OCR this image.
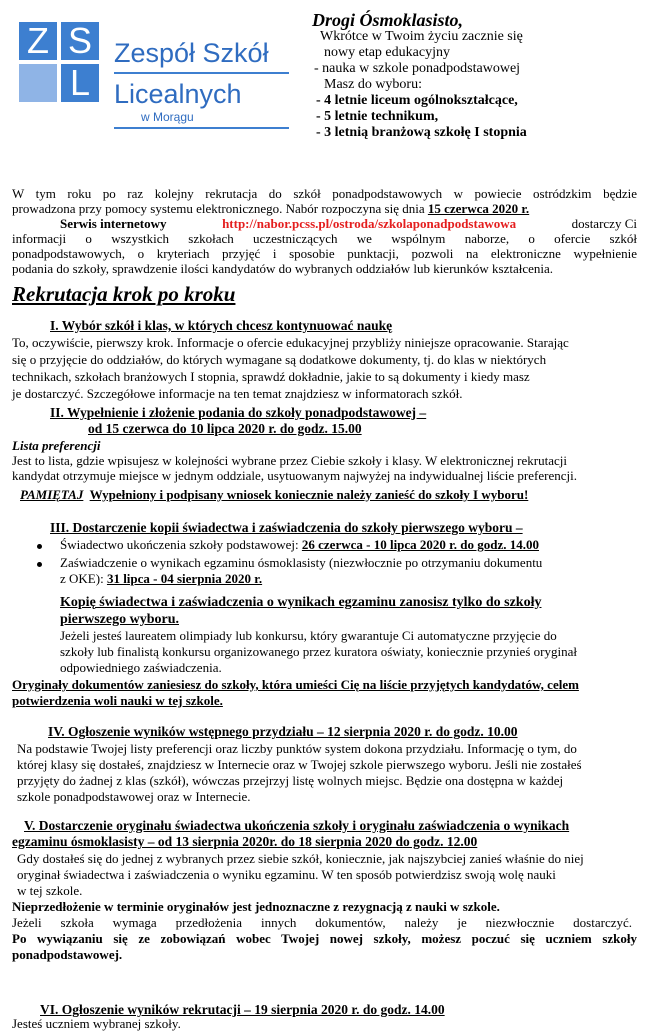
Z S
L
Zespół Szkół
Licealnych
w Morągu
Drogi Ósmoklasisto,
Wkrótce w Twoim życiu zacznie się
nowy etap edukacyjny
- nauka w szkole ponadpodstawowej
Masz do wyboru:
- 4 letnie liceum ogólnokształcące,
- 5 letnie technikum,
- 3 letnią branżową szkołę I stopnia
W tym roku po raz kolejny rekrutacja do szkół ponadpodstawowych w powiecie ostródzkim będzie
prowadzona przy pomocy systemu elektronicznego. Nabór rozpoczyna się dnia 15 czerwca 2020 r.
Serwis internetowy	http://nabor.pcss.pl/ostroda/szkolaponadpodstawowa	dostarczy Ci
informacji o wszystkich szkołach uczestniczących we wspólnym naborze, o ofercie szkół
ponadpodstawowych, o kryteriach przyjęć i sposobie punktacji, pozwoli na elektroniczne wypełnienie
podania do szkoły, sprawdzenie ilości kandydatów do wybranych oddziałów lub kierunków kształcenia.
Rekrutacja krok po kroku
I. Wybór szkół i klas, w których chcesz kontynuować naukę
To, oczywiście, pierwszy krok. Informacje o ofercie edukacyjnej przybliży niniejsze opracowanie. Starając
się o przyjęcie do oddziałów, do których wymagane są dodatkowe dokumenty, tj. do klas w niektórych
technikach, szkołach branżowych I stopnia, sprawdź dokładnie, jakie to są dokumenty i kiedy masz
je dostarczyć. Szczegółowe informacje na ten temat znajdziesz w informatorach szkół.
II. Wypełnienie i złożenie podania do szkoły ponadpodstawowej –
od 15 czerwca do 10 lipca 2020 r. do godz. 15.00
Lista preferencji
Jest to lista, gdzie wpisujesz w kolejności wybrane przez Ciebie szkoły i klasy. W elektronicznej rekrutacji
kandydat otrzymuje miejsce w jednym oddziale, usytuowanym najwyżej na indywidualnej liście preferencji.
PAMIĘTAJ Wypełniony i podpisany wniosek koniecznie należy zanieść do szkoły I wyboru!
III. Dostarczenie kopii świadectwa i zaświadczenia do szkoły pierwszego wyboru –
Świadectwo ukończenia szkoły podstawowej: 26 czerwca - 10 lipca 2020 r. do godz. 14.00
Zaświadczenie o wynikach egzaminu ósmoklasisty (niezwłocznie po otrzymaniu dokumentu
z OKE): 31 lipca - 04 sierpnia 2020 r.
Kopię świadectwa i zaświadczenia o wynikach egzaminu zanosisz tylko do szkoły
pierwszego wyboru.
Jeżeli jesteś laureatem olimpiady lub konkursu, który gwarantuje Ci automatyczne przyjęcie do
szkoły lub finalistą konkursu organizowanego przez kuratora oświaty, koniecznie przynieś oryginał
odpowiedniego zaświadczenia.
Oryginały dokumentów zaniesiesz do szkoły, która umieści Cię na liście przyjętych kandydatów, celem
potwierdzenia woli nauki w tej szkole.
IV. Ogłoszenie wyników wstępnego przydziału – 12 sierpnia 2020 r. do godz. 10.00
Na podstawie Twojej listy preferencji oraz liczby punktów system dokona przydziału. Informację o tym, do
której klasy się dostałeś, znajdziesz w Internecie oraz w Twojej szkole pierwszego wyboru. Jeśli nie zostałeś
przyjęty do żadnej z klas (szkół), wówczas przejrzyj listę wolnych miejsc. Będzie ona dostępna w każdej
szkole ponadpodstawowej oraz w Internecie.
V. Dostarczenie oryginału świadectwa ukończenia szkoły i oryginału zaświadczenia o wynikach
egzaminu ósmoklasisty – od 13 sierpnia 2020r. do 18 sierpnia 2020 do godz. 12.00
Gdy dostałeś się do jednej z wybranych przez siebie szkół, koniecznie, jak najszybciej zanieś właśnie do niej
oryginał świadectwa i zaświadczenia o wyniku egzaminu. W ten sposób potwierdzisz swoją wolę nauki
w tej szkole.
Nieprzedłożenie w terminie oryginałów jest jednoznaczne z rezygnacją z nauki w szkole.
Jeżeli szkoła wymaga przedłożenia innych dokumentów, należy je niezwłocznie dostarczyć.
Po wywiązaniu się ze zobowiązań wobec Twojej nowej szkoły, możesz poczuć się uczniem szkoły
ponadpodstawowej.
VI. Ogłoszenie wyników rekrutacji – 19 sierpnia 2020 r. do godz. 14.00
Jesteś uczniem wybranej szkoły.
